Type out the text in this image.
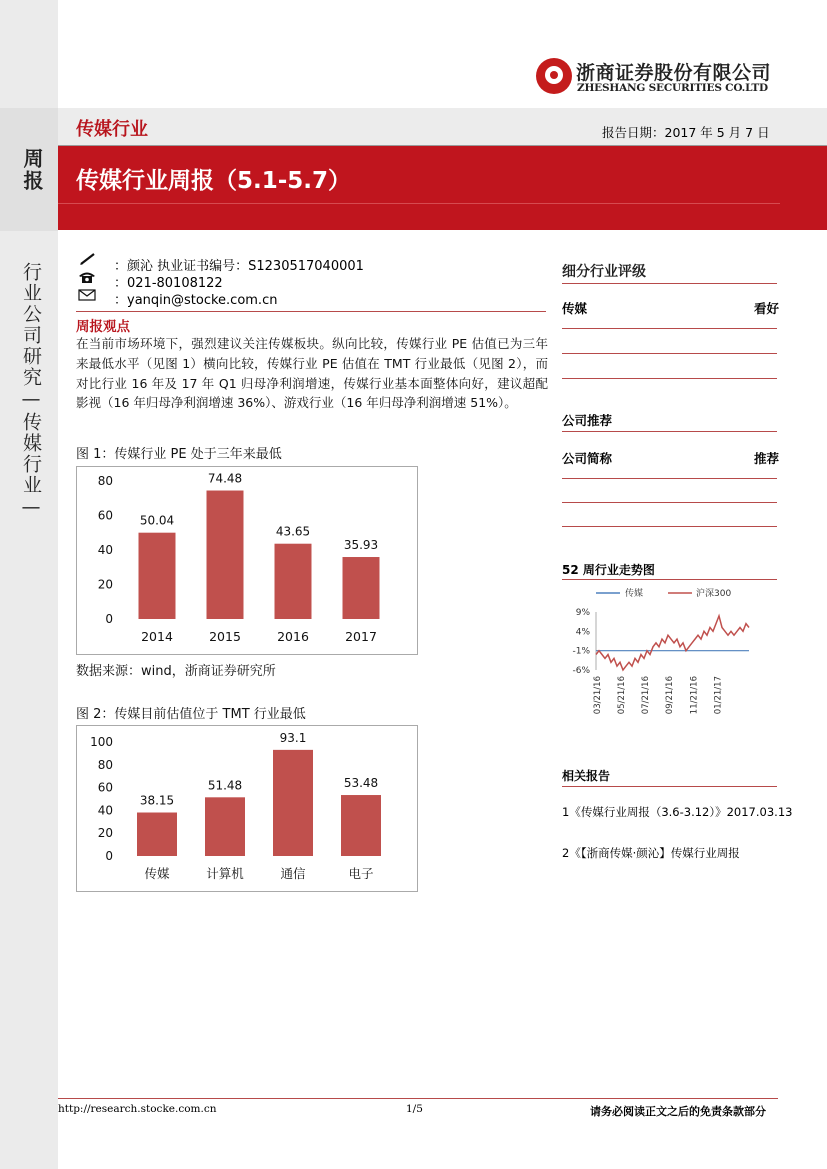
周报
行业公司研究—传媒行业—
浙商证券股份有限公司
ZHESHANG SECURITIES CO.LTD
传媒行业	报告日期：2017 年 5 月 7 日
传媒行业周报（5.1-5.7）
：颜沁 执业证书编号：S1230517040001
：021-80108122
：yanqin@stocke.com.cn
周报观点
在当前市场环境下，强烈建议关注传媒板块。纵向比较，传媒行业 PE 估值已为三年来最低水平（见图 1）横向比较，传媒行业 PE 估值在 TMT 行业最低（见图 2），而对比行业 16 年及 17 年 Q1 归母净利润增速，传媒行业基本面整体向好，建议超配影视（16 年归母净利润增速 36%）、游戏行业（16 年归母净利润增速 51%）。
图 1：传媒行业 PE 处于三年来最低
0
20
40
60
80
50.04
2014
74.48
2015
43.65
2016
35.93
2017
数据来源：wind，浙商证券研究所
图 2：传媒目前估值位于 TMT 行业最低
0
20
40
60
80
100
38.15
传媒
51.48
计算机
93.1
通信
53.48
电子
细分行业评级
传媒	看好
公司推荐
公司简称	推荐
52 周行业走势图
传媒	沪深300
9%
4%
-1%
-6%
03/21/16 05/21/16 07/21/16 09/21/16 11/21/16 01/21/17
相关报告
1《传媒行业周报（3.6-3.12）》2017.03.13
2《【浙商传媒·颜沁】传媒行业周报
http://research.stocke.com.cn	1/5	请务必阅读正文之后的免责条款部分
